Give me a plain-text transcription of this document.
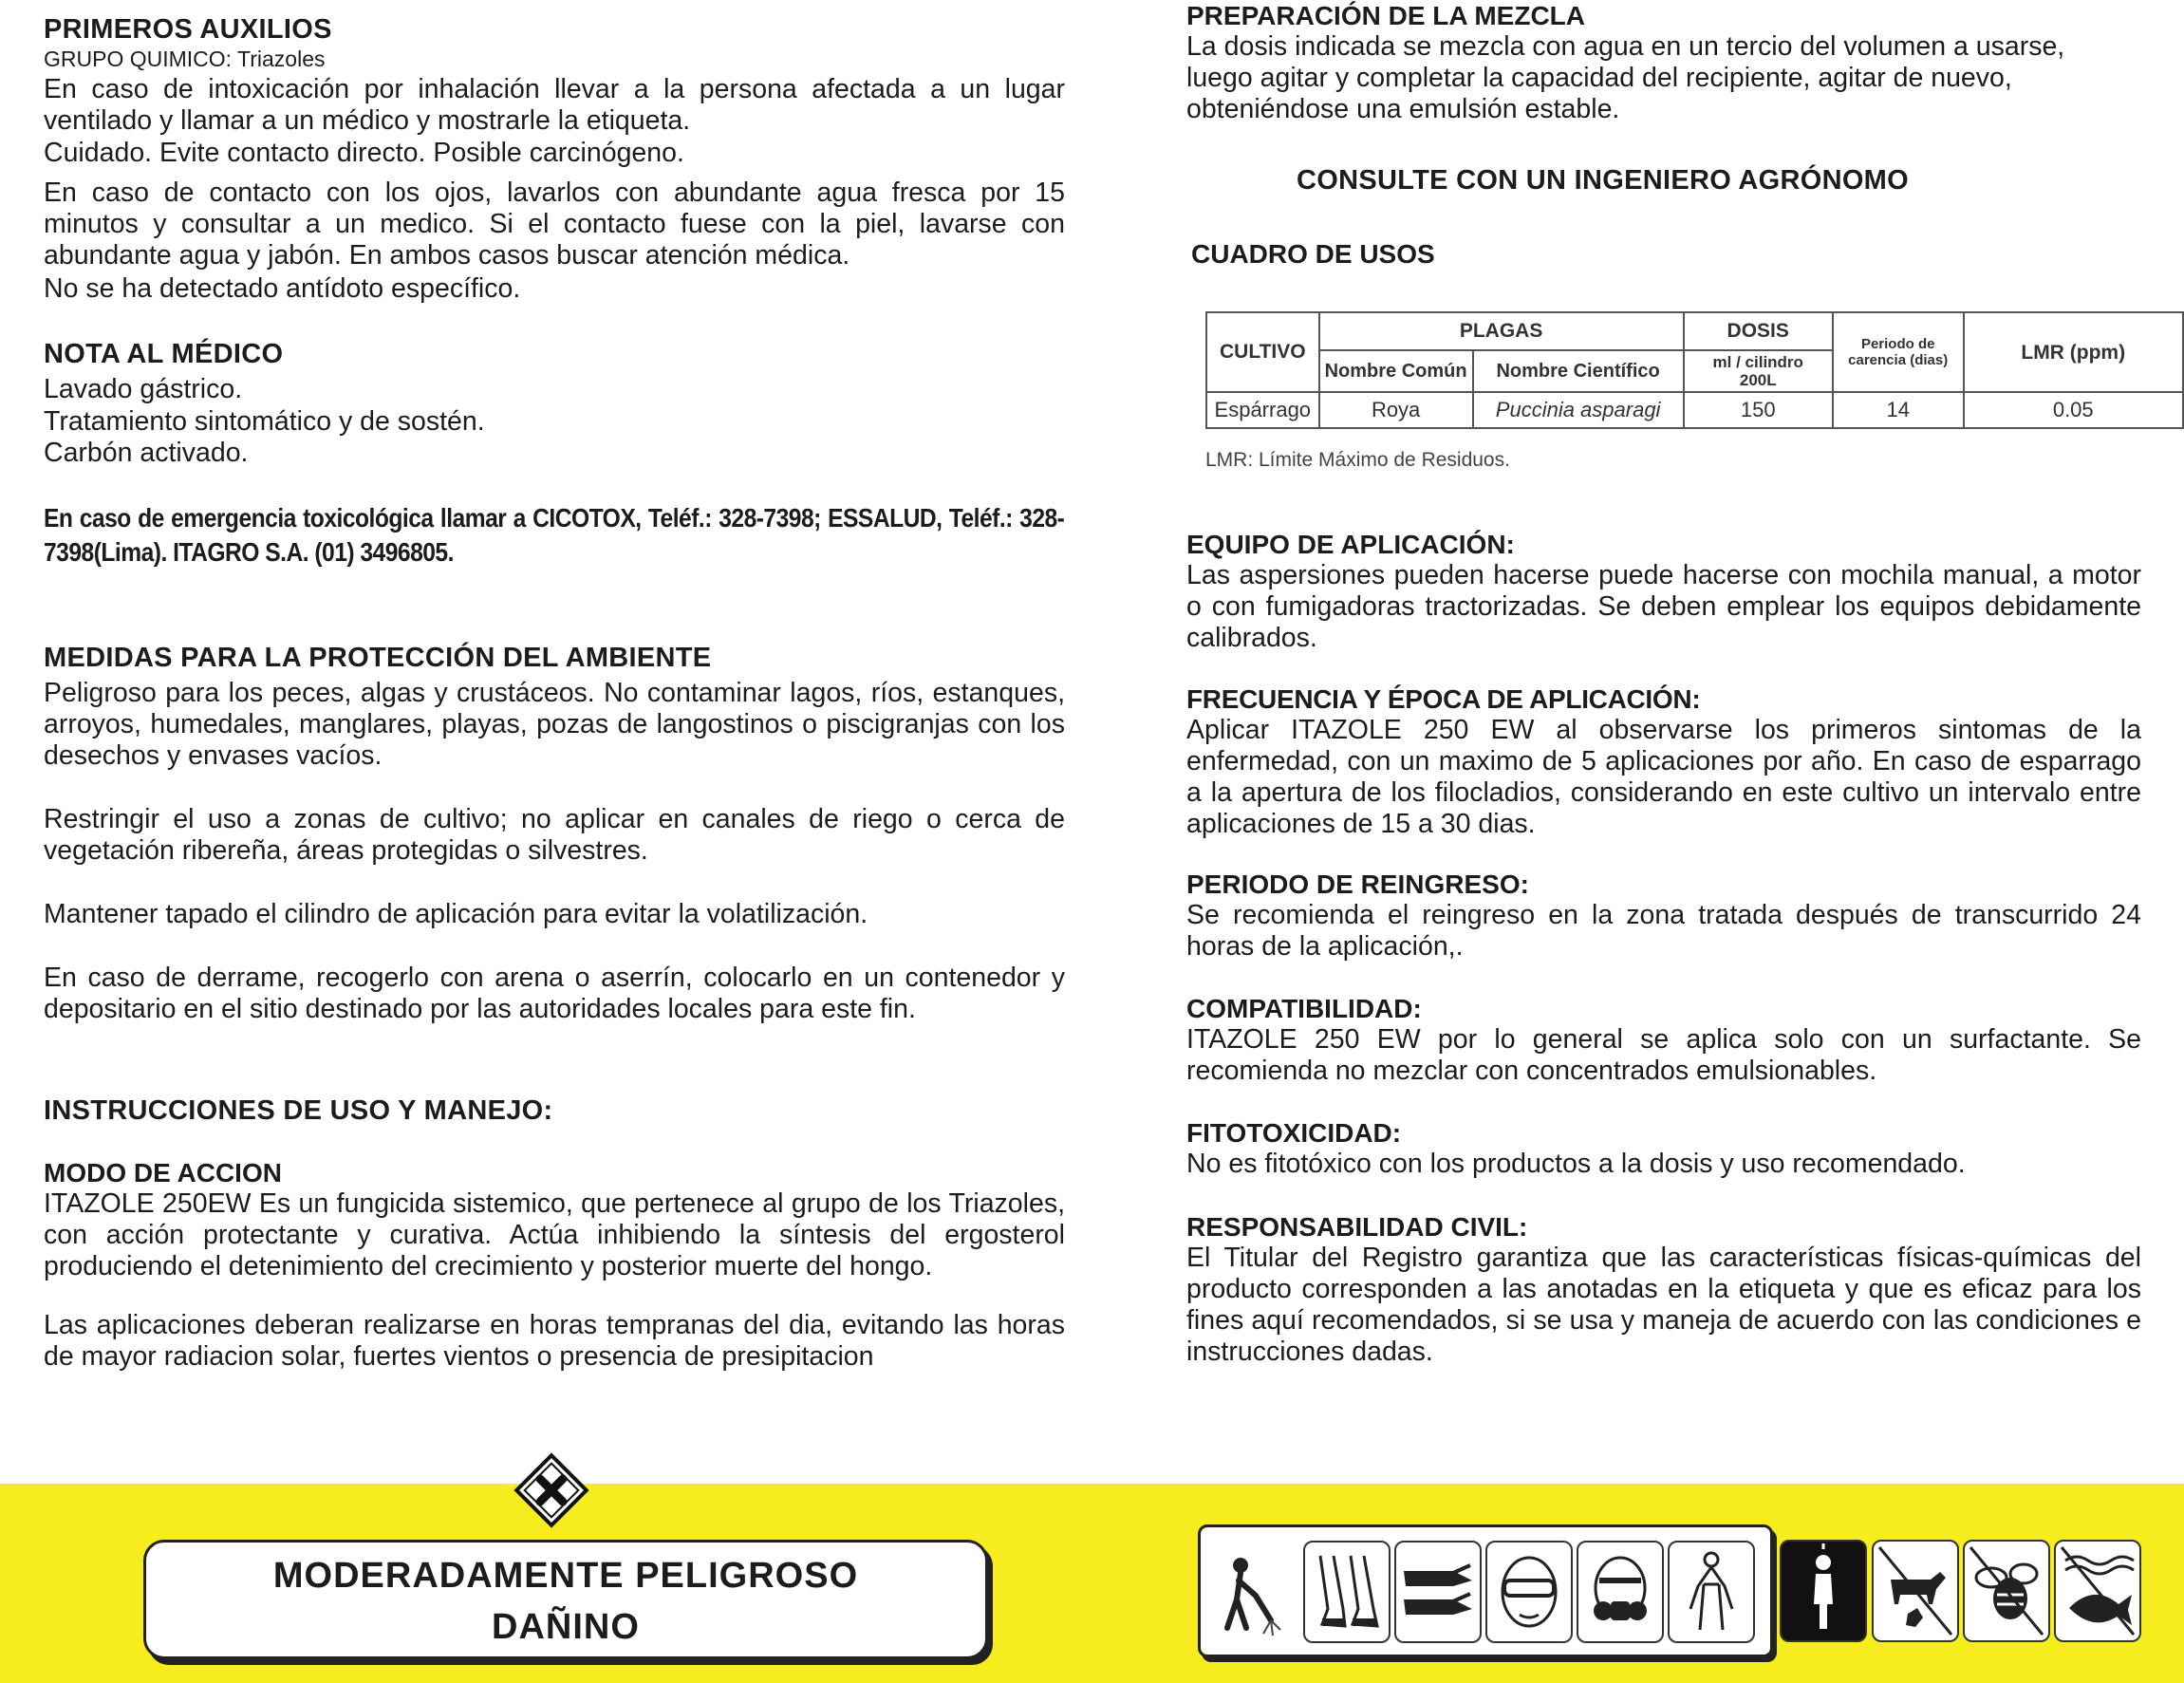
PRIMEROS AUXILIOS
GRUPO QUIMICO: Triazoles

En caso de intoxicación por inhalación llevar a la persona afectada a un lugar ventilado y llamar a un médico y mostrarle la etiqueta.

Cuidado. Evite contacto directo. Posible carcinógeno.

En caso de contacto con los ojos, lavarlos con abundante agua fresca por 15 minutos y consultar a un medico. Si el contacto fuese con la piel, lavarse con abundante agua y jabón. En ambos casos buscar atención médica.

No se ha detectado antídoto específico.

NOTA AL MÉDICO

Lavado gástrico.

Tratamiento sintomático y de sostén.

Carbón activado.

En caso de emergencia toxicológica llamar a CICOTOX, Teléf.: 328-7398; ESSALUD, Teléf.: 328-7398(Lima). ITAGRO S.A. (01) 3496805.
MEDIDAS PARA LA PROTECCIÓN DEL AMBIENTE

Peligroso para los peces, algas y crustáceos. No contaminar lagos, ríos, estanques, arroyos, humedales, manglares, playas, pozas de langostinos o piscigranjas con los desechos y envases vacíos.

Restringir el uso a zonas de cultivo; no aplicar en canales de riego o cerca de vegetación ribereña, áreas protegidas o silvestres.

Mantener tapado el cilindro de aplicación para evitar la volatilización.

En caso de derrame, recogerlo con arena o aserrín, colocarlo en un contenedor y depositario en el sitio destinado por las autoridades locales para este fin.

INSTRUCCIONES DE USO Y MANEJO:
MODO DE ACCION

ITAZOLE 250EW Es un fungicida sistemico, que pertenece al grupo de los Triazoles, con acción protectante y curativa. Actúa inhibiendo la síntesis del ergosterol produciendo el detenimiento del crecimiento y posterior muerte del hongo.

Las aplicaciones deberan realizarse en horas tempranas del dia, evitando las horas de mayor radiacion solar, fuertes vientos o presencia de presipitacion

PREPARACIÓN DE LA MEZCLA

La dosis indicada se mezcla con agua en un tercio del volumen a usarse, luego agitar y completar la capacidad del recipiente, agitar de nuevo, obteniéndose una emulsión estable.

CONSULTE CON UN INGENIERO AGRÓNOMO
CUADRO DE USOS
CULTIVO	PLAGAS		DOSIS	Periodo de carencia (dias)	LMR (ppm)
	Nombre Común	Nombre Científico	ml / cilindro 200L		
Espárrago	Roya	Puccinia asparagi	150	14	0.05
LMR: Límite Máximo de Residuos.
EQUIPO DE APLICACIÓN:

Las aspersiones pueden hacerse puede hacerse con mochila manual, a motor o con fumigadoras tractorizadas. Se deben emplear los equipos debidamente calibrados.

FRECUENCIA Y ÉPOCA DE APLICACIÓN:

Aplicar ITAZOLE 250 EW al observarse los primeros sintomas de la enfermedad, con un maximo de 5 aplicaciones por año. En caso de esparrago a la apertura de los filocladios, considerando en este cultivo un intervalo entre aplicaciones de 15 a 30 dias.

PERIODO DE REINGRESO:

Se recomienda el reingreso en la zona tratada después de transcurrido 24 horas de la aplicación,.

COMPATIBILIDAD:

ITAZOLE 250 EW por lo general se aplica solo con un surfactante. Se recomienda no mezclar con concentrados emulsionables.

FITOTOXICIDAD:

No es fitotóxico con los productos a la dosis y uso recomendado.

RESPONSABILIDAD CIVIL:

El Titular del Registro garantiza que las características físicas-químicas del producto corresponden a las anotadas en la etiqueta y que es eficaz para los fines aquí recomendados, si se usa y maneja de acuerdo con las condiciones e instrucciones dadas.

MODERADAMENTE PELIGROSO
DAÑINO
